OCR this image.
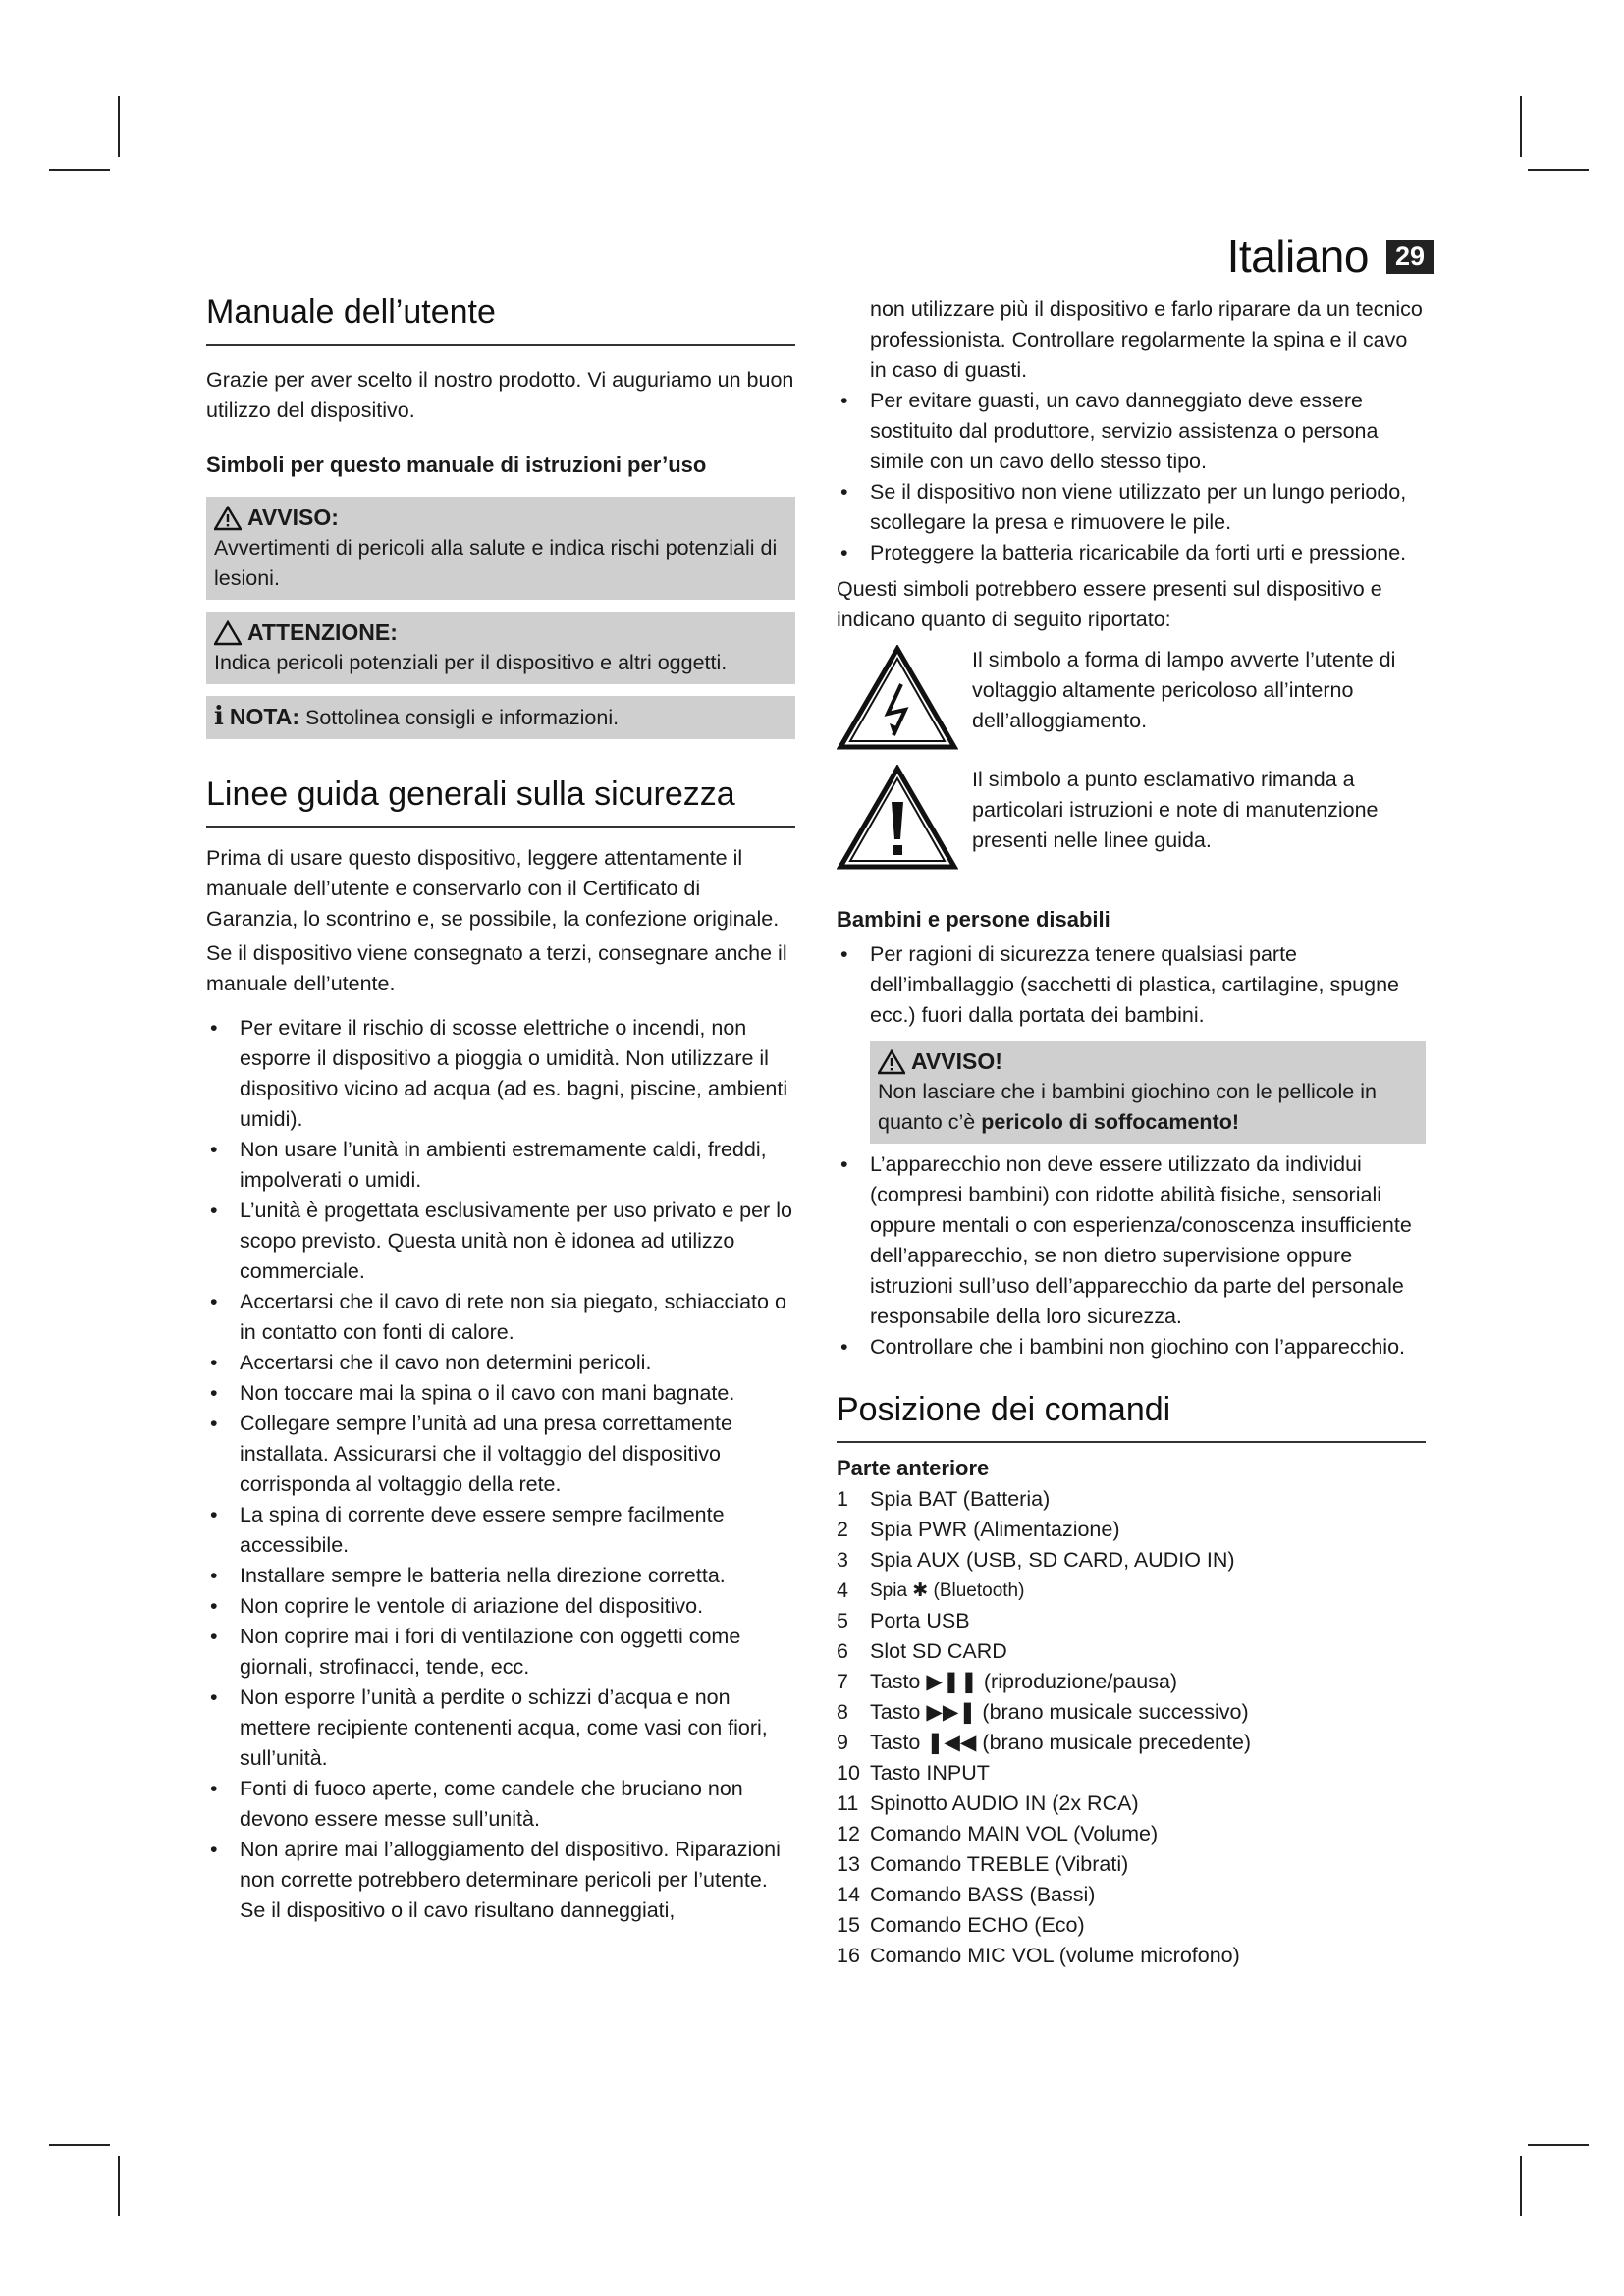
Italiano	29
Manuale dell’utente

Grazie per aver scelto il nostro prodotto. Vi auguriamo un buon utilizzo del dispositivo.

Simboli per questo manuale di istruzioni per’uso
AVVISO:

Avvertimenti di pericoli alla salute e indica rischi potenziali di lesioni.

ATTENZIONE:

Indica pericoli potenziali per il dispositivo e altri oggetti.

i NOTA: Sottolinea consigli e informazioni.
Linee guida generali sulla sicurezza

Prima di usare questo dispositivo, leggere attentamente il manuale dell’utente e conservarlo con il Certificato di Garanzia, lo scontrino e, se possibile, la confezione originale.

Se il dispositivo viene consegnato a terzi, consegnare anche il manuale dell’utente.

• Per evitare il rischio di scosse elettriche o incendi, non esporre il dispositivo a pioggia o umidità. Non utilizzare il dispositivo vicino ad acqua (ad es. bagni, piscine, ambienti umidi).
• Non usare l’unità in ambienti estremamente caldi, freddi, impolverati o umidi.
• L’unità è progettata esclusivamente per uso privato e per lo scopo previsto. Questa unità non è idonea ad utilizzo commerciale.
• Accertarsi che il cavo di rete non sia piegato, schiacciato o in contatto con fonti di calore.
• Accertarsi che il cavo non determini pericoli.
• Non toccare mai la spina o il cavo con mani bagnate.
• Collegare sempre l’unità ad una presa correttamente installata. Assicurarsi che il voltaggio del dispositivo corrisponda al voltaggio della rete.
• La spina di corrente deve essere sempre facilmente accessibile.
• Installare sempre le batteria nella direzione corretta.
• Non coprire le ventole di ariazione del dispositivo.
• Non coprire mai i fori di ventilazione con oggetti come giornali, strofinacci, tende, ecc.
• Non esporre l’unità a perdite o schizzi d’acqua e non mettere recipiente contenenti acqua, come vasi con fiori, sull’unità.
• Fonti di fuoco aperte, come candele che bruciano non devono essere messe sull’unità.
• Non aprire mai l’alloggiamento del dispositivo. Riparazioni non corrette potrebbero determinare pericoli per l’utente. Se il dispositivo o il cavo risultano danneggiati,

non utilizzare più il dispositivo e farlo riparare da un tecnico professionista. Controllare regolarmente la spina e il cavo in caso di guasti.

• Per evitare guasti, un cavo danneggiato deve essere sostituito dal produttore, servizio assistenza o persona simile con un cavo dello stesso tipo.
• Se il dispositivo non viene utilizzato per un lungo periodo, scollegare la presa e rimuovere le pile.
• Proteggere la batteria ricaricabile da forti urti e pressione.

Questi simboli potrebbero essere presenti sul dispositivo e indicano quanto di seguito riportato:

Il simbolo a forma di lampo avverte l’utente di voltaggio altamente pericoloso all’interno dell’alloggiamento.

Il simbolo a punto esclamativo rimanda a particolari istruzioni e note di manutenzione presenti nelle linee guida.

Bambini e persone disabili
• Per ragioni di sicurezza tenere qualsiasi parte dell’imballaggio (sacchetti di plastica, cartilagine, spugne ecc.) fuori dalla portata dei bambini.
AVVISO!

Non lasciare che i bambini giochino con le pellicole in quanto c’è pericolo di soffocamento!

• L’apparecchio non deve essere utilizzato da individui (compresi bambini) con ridotte abilità fisiche, sensoriali oppure mentali o con esperienza/conoscenza insufficiente dell’apparecchio, se non dietro supervisione oppure istruzioni sull’uso dell’apparecchio da parte del personale responsabile della loro sicurezza.
• Controllare che i bambini non giochino con l’apparecchio.
Posizione dei comandi
Parte anteriore
1	Spia BAT (Batteria)
2	Spia PWR (Alimentazione)
3	Spia AUX (USB, SD CARD, AUDIO IN)
4	Spia ✱ (Bluetooth)
5	Porta USB
6	Slot SD CARD
7	Tasto ▶❚❚ (riproduzione/pausa)
8	Tasto ▶▶❚ (brano musicale successivo)
9	Tasto ❚◀◀ (brano musicale precedente)
10 Tasto INPUT
11 Spinotto AUDIO IN (2x RCA)
12 Comando MAIN VOL (Volume)
13 Comando TREBLE (Vibrati)
14 Comando BASS (Bassi)
15 Comando ECHO (Eco)
16 Comando MIC VOL (volume microfono)
